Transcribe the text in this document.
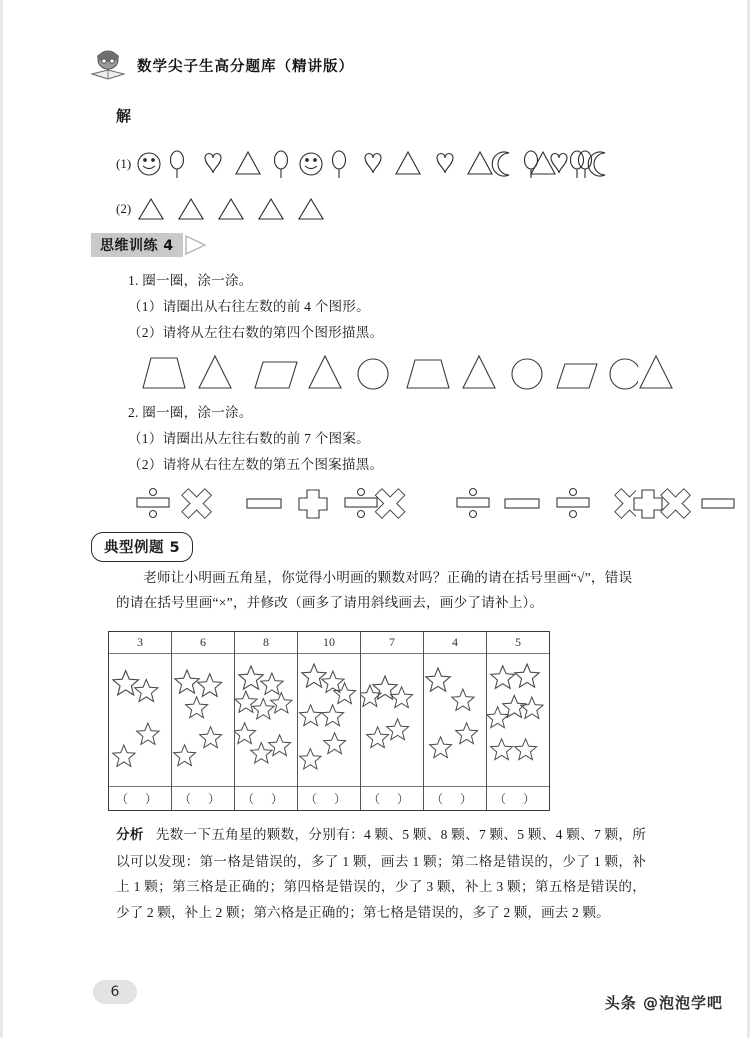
数学尖子生高分题库（精讲版）
解
(1)
(2)
思维训练 4
1. 圈一圈，涂一涂。
（1）请圈出从右往左数的前 4 个图形。
（2）请将从左往右数的第四个图形描黑。
2. 圈一圈，涂一涂。
（1）请圈出从左往右数的前 7 个图案。
（2）请将从右往左数的第五个图案描黑。
典型例题 5
老师让小明画五角星，你觉得小明画的颗数对吗？正确的请在括号里画“√”，错误的请在括号里画“×”，并修改（画多了请用斜线画去，画少了请补上）。
3
（ ）
6
（ ）
8
（ ）
10
（ ）
7
（ ）
4
（ ）
5
（ ）
分析 先数一下五角星的颗数，分别有：4 颗、5 颗、8 颗、7 颗、5 颗、4 颗、7 颗，所以可以发现：第一格是错误的，多了 1 颗，画去 1 颗；第二格是错误的，少了 1 颗，补上 1 颗；第三格是正确的；第四格是错误的，少了 3 颗，补上 3 颗；第五格是错误的，少了 2 颗，补上 2 颗；第六格是正确的；第七格是错误的，多了 2 颗，画去 2 颗。
6
头条 @泡泡学吧
